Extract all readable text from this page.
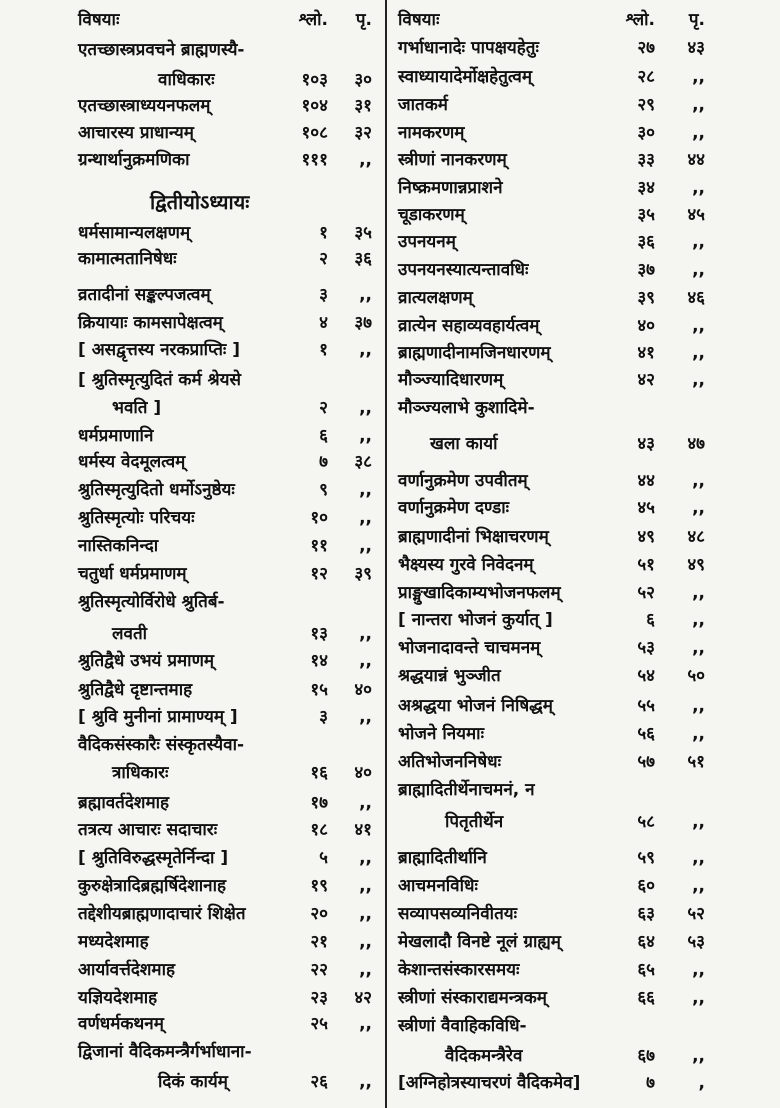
द्वितीयोऽध्यायः
विषयाः	श्लो.	पृ.
एतच्छास्त्रप्रवचने ब्राह्मणस्यै-
वाधिकारः	१०३	३०
एतच्छास्त्राध्ययनफलम्	१०४	३१
आचारस्य प्राधान्यम्	१०८	३२
ग्रन्थार्थानुक्रमणिका	१११	,,
धर्मसामान्यलक्षणम्	१	३५
कामात्मतानिषेधः	२	३६
व्रतादीनां सङ्कल्पजत्वम्	३	,,
क्रियायाः कामसापेक्षत्वम्	४	३७
[ असद्वृत्तस्य नरकप्राप्तिः ]	१	,,
[ श्रुतिस्मृत्युदितं कर्म श्रेयसे
भवति ]	२	,,
धर्मप्रमाणानि	६	,,
धर्मस्य वेदमूलत्वम्	७	३८
श्रुतिस्मृत्युदितो धर्मोऽनुष्ठेयः	९	,,
श्रुतिस्मृत्योः परिचयः	१०	,,
नास्तिकनिन्दा	११	,,
चतुर्धा धर्मप्रमाणम्	१२	३९
श्रुतिस्मृत्योर्विरोधे श्रुतिर्ब-
लवती	१३	,,
श्रुतिद्वैधे उभयं प्रमाणम्	१४	,,
श्रुतिद्वैधे दृष्टान्तमाह	१५	४०
[ श्रुवि मुनीनां प्रामाण्यम् ]	३	,,
वैदिकसंस्कारैः संस्कृतस्यैवा-
त्राधिकारः	१६	४०
ब्रह्मावर्तदेशमाह	१७	,,
तत्रत्य आचारः सदाचारः	१८	४१
[ श्रुतिविरुद्धस्मृतेर्निन्दा ]	५	,,
कुरुक्षेत्रादिब्रह्मर्षिदेशानाह	१९	,,
तद्देशीयब्राह्मणादाचारं शिक्षेत	२०	,,
मध्यदेशमाह	२१	,,
आर्यावर्त्तदेशमाह	२२	,,
यज्ञियदेशमाह	२३	४२
वर्णधर्मकथनम्	२५	,,
द्विजानां वैदिकमन्त्रैर्गर्भाधाना-
दिकं कार्यम्	२६	,,
विषयाः	श्लो.	पृ.
गर्भाधानादेः पापक्षयहेतुः	२७	४३
स्वाध्यायादेर्मोक्षहेतुत्वम्	२८	,,
जातकर्म	२९	,,
नामकरणम्	३०	,,
स्त्रीणां नानकरणम्	३३	४४
निष्क्रमणान्नप्राशने	३४	,,
चूडाकरणम्	३५	४५
उपनयनम्	३६	,,
उपनयनस्यात्यन्तावधिः	३७	,,
व्रात्यलक्षणम्	३९	४६
व्रात्येन सहाव्यवहार्यत्वम्	४०	,,
ब्राह्मणादीनामजिनधारणम्	४१	,,
मौञ्ज्यादिधारणम्	४२	,,
मौञ्ज्यलाभे कुशादिमे-
खला कार्या	४३	४७
वर्णानुक्रमेण उपवीतम्	४४	,,
वर्णानुक्रमेण दण्डाः	४५	,,
ब्राह्मणादीनां भिक्षाचरणम्	४९	४८
भैक्ष्यस्य गुरवे निवेदनम्	५१	४९
प्राङ्मुखादिकाम्यभोजनफलम्	५२	,,
[ नान्तरा भोजनं कुर्यात् ]	६	,,
भोजनादावन्ते चाचमनम्	५३	,,
श्रद्धयान्नं भुञ्जीत	५४	५०
अश्रद्धया भोजनं निषिद्धम्	५५	,,
भोजने नियमाः	५६	,,
अतिभोजननिषेधः	५७	५१
ब्राह्मादितीर्थेनाचमनं, न
पितृतीर्थेन	५८	,,
ब्राह्मादितीर्थानि	५९	,,
आचमनविधिः	६०	,,
सव्यापसव्यनिवीतयः	६३	५२
मेखलादौ विनष्टे नूलं ग्राह्यम्	६४	५३
केशान्तसंस्कारसमयः	६५	,,
स्त्रीणां संस्काराद्यमन्त्रकम्	६६	,,
स्त्रीणां वैवाहिकविधि-
वैदिकमन्त्रैरेव	६७	,,
[अग्निहोत्रस्याचरणं वैदिकमेव]	७	,
